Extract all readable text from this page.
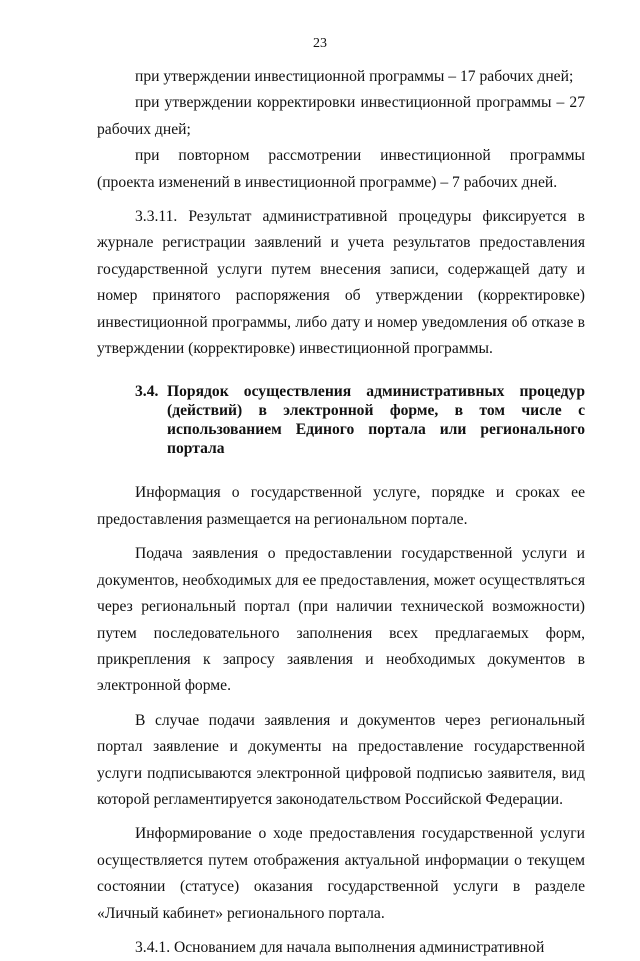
23

при утверждении инвестиционной программы – 17 рабочих дней;

при утверждении корректировки инвестиционной программы – 27 рабочих дней;

при повторном рассмотрении инвестиционной программы (проекта изменений в инвестиционной программе) – 7 рабочих дней.

3.3.11. Результат административной процедуры фиксируется в журнале регистрации заявлений и учета результатов предоставления государственной услуги путем внесения записи, содержащей дату и номер принятого распоряжения об утверждении (корректировке) инвестиционной программы, либо дату и номер уведомления об отказе в утверждении (корректировке) инвестиционной программы.

3.4. Порядок осуществления административных процедур (действий) в электронной форме, в том числе с использованием Единого портала или регионального портала

Информация о государственной услуге, порядке и сроках ее предоставления размещается на региональном портале.

Подача заявления о предоставлении государственной услуги и документов, необходимых для ее предоставления, может осуществляться через региональный портал (при наличии технической возможности) путем последовательного заполнения всех предлагаемых форм, прикрепления к запросу заявления и необходимых документов в электронной форме.

В случае подачи заявления и документов через региональный портал заявление и документы на предоставление государственной услуги подписываются электронной цифровой подписью заявителя, вид которой регламентируется законодательством Российской Федерации.

Информирование о ходе предоставления государственной услуги осуществляется путем отображения актуальной информации о текущем состоянии (статусе) оказания государственной услуги в разделе «Личный кабинет» регионального портала.

3.4.1. Основанием для начала выполнения административной
